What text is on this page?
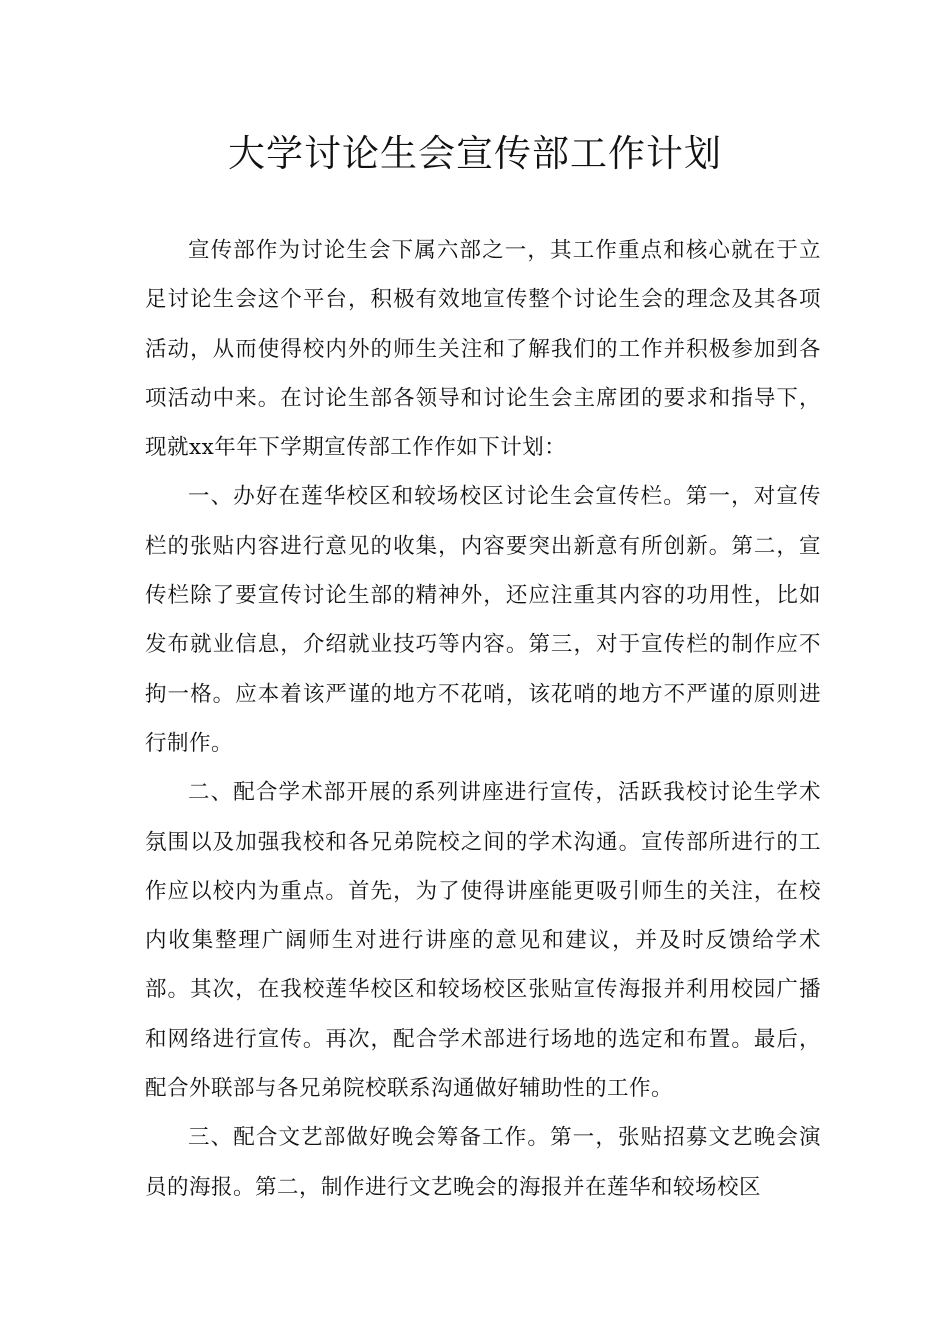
大学讨论生会宣传部工作计划

宣传部作为讨论生会下属六部之一，其工作重点和核心就在于立足讨论生会这个平台，积极有效地宣传整个讨论生会的理念及其各项活动，从而使得校内外的师生关注和了解我们的工作并积极参加到各项活动中来。在讨论生部各领导和讨论生会主席团的要求和指导下，现就xx年年下学期宣传部工作作如下计划：

一、办好在莲华校区和较场校区讨论生会宣传栏。第一，对宣传栏的张贴内容进行意见的收集，内容要突出新意有所创新。第二，宣传栏除了要宣传讨论生部的精神外，还应注重其内容的功用性，比如发布就业信息，介绍就业技巧等内容。第三，对于宣传栏的制作应不拘一格。应本着该严谨的地方不花哨，该花哨的地方不严谨的原则进行制作。

二、配合学术部开展的系列讲座进行宣传，活跃我校讨论生学术氛围以及加强我校和各兄弟院校之间的学术沟通。宣传部所进行的工作应以校内为重点。首先，为了使得讲座能更吸引师生的关注，在校内收集整理广阔师生对进行讲座的意见和建议，并及时反馈给学术部。其次，在我校莲华校区和较场校区张贴宣传海报并利用校园广播和网络进行宣传。再次，配合学术部进行场地的选定和布置。最后，配合外联部与各兄弟院校联系沟通做好辅助性的工作。

三、配合文艺部做好晚会筹备工作。第一，张贴招募文艺晚会演员的海报。第二，制作进行文艺晚会的海报并在莲华和较场校区
